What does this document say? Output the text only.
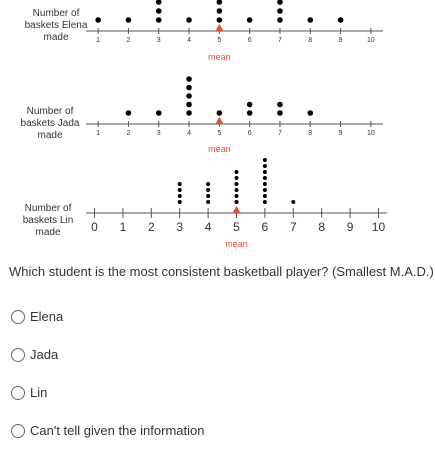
Number of baskets Elena made	1	2	3	4	5	6	7	8	9	10
mean
Number of baskets Jada made	1	2	3	4	5	6	7	8	9	10
mean
Number of baskets Lin made	0 1 2 3 4 5 6 7 8 9 10
mean
Which student is the most consistent basketball player? (Smallest M.A.D.)
Elena
Jada
Lin
Can't tell given the information
